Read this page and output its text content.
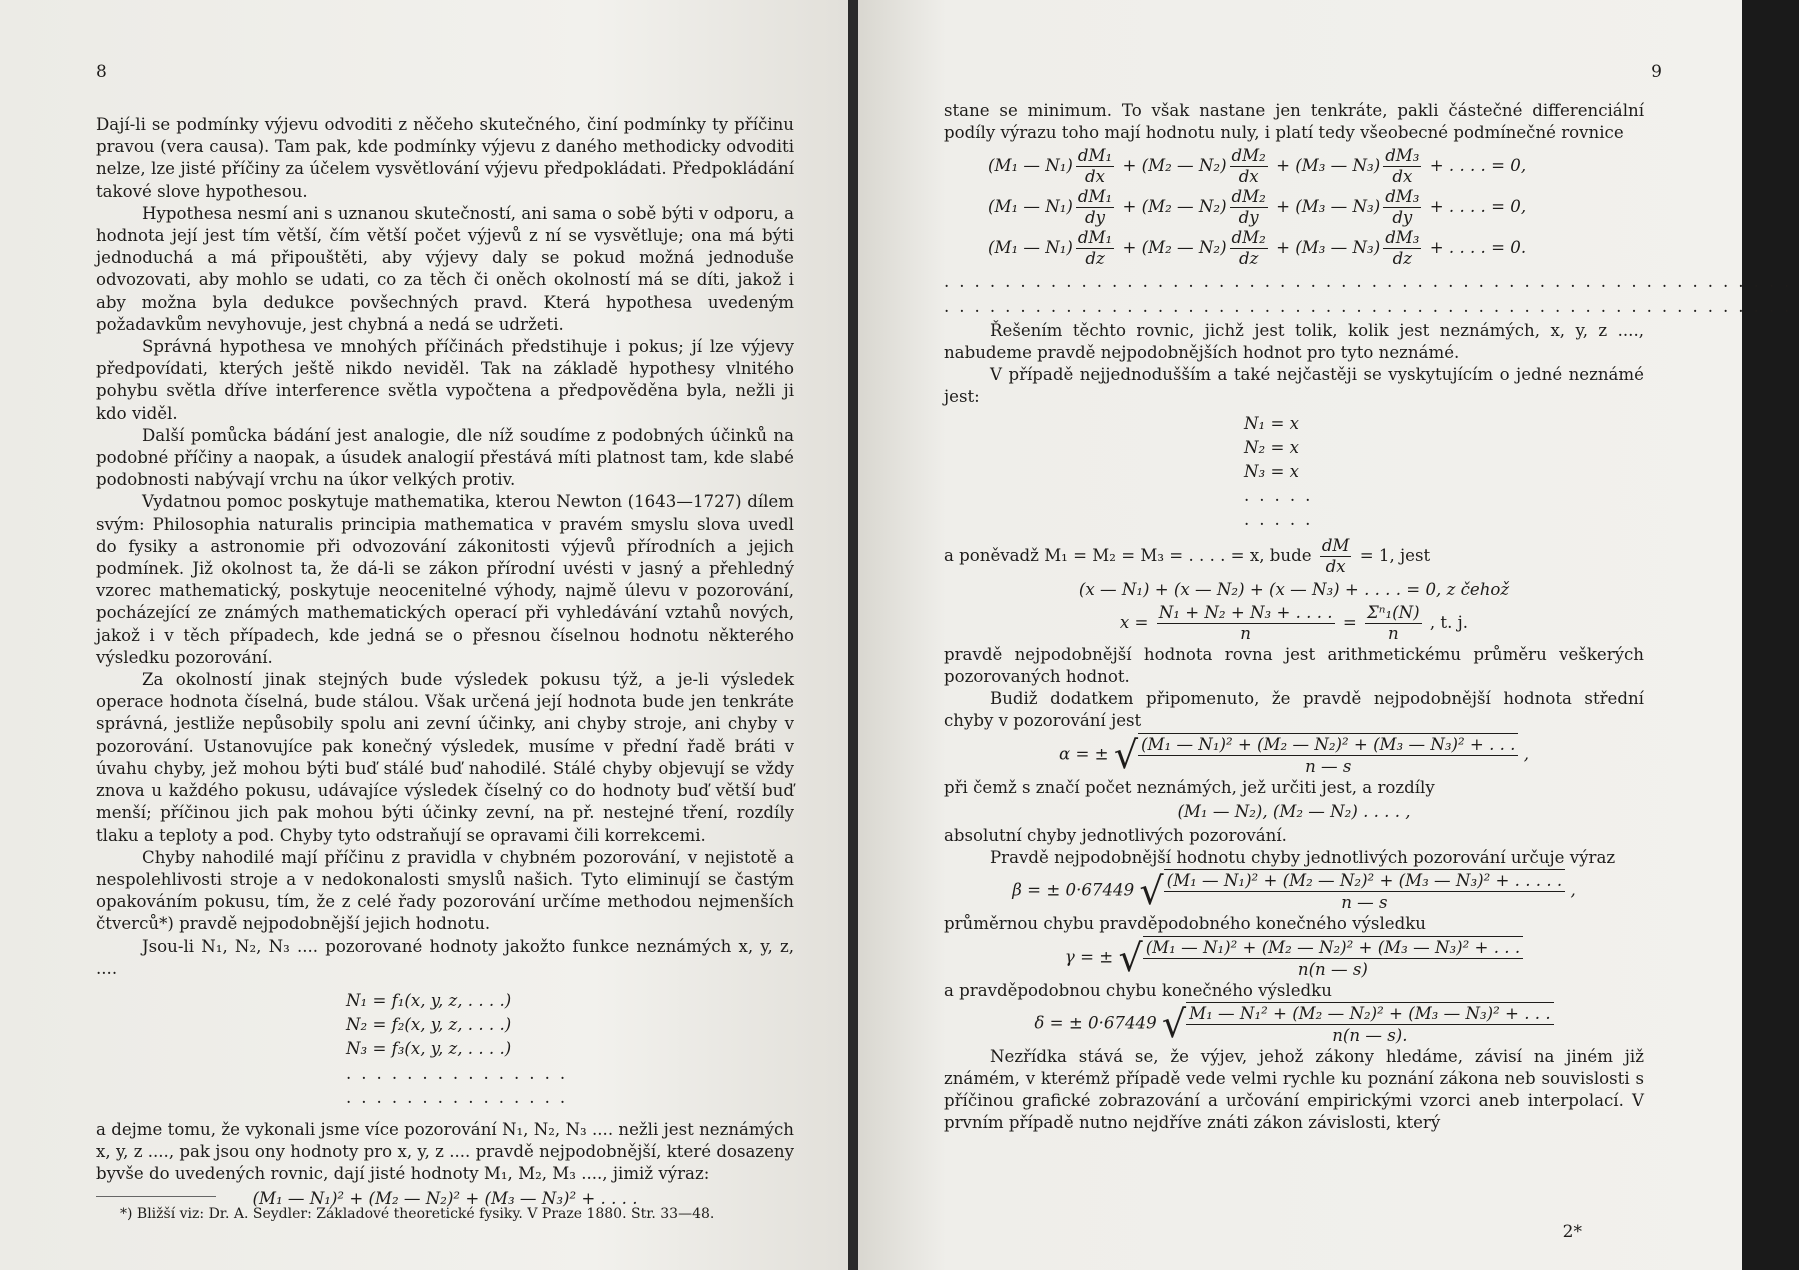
8

Dají-li se podmínky výjevu odvoditi z něčeho skutečného, činí podmínky ty příčinu pravou (vera causa). Tam pak, kde podmínky výjevu z daného methodicky odvoditi nelze, lze jisté příčiny za účelem vysvětlování výjevu předpokládati. Předpokládání takové slove hypothesou.

Hypothesa nesmí ani s uznanou skutečností, ani sama o sobě býti v odporu, a hodnota její jest tím větší, čím větší počet výjevů z ní se vysvětluje; ona má býti jednoduchá a má připouštěti, aby výjevy daly se pokud možná jednoduše odvozovati, aby mohlo se udati, co za těch či oněch okolností má se díti, jakož i aby možna byla dedukce povšechných pravd. Která hypothesa uvedeným požadavkům nevyhovuje, jest chybná a nedá se udržeti.

Správná hypothesa ve mnohých příčinách předstihuje i pokus; jí lze výjevy předpovídati, kterých ještě nikdo neviděl. Tak na základě hypothesy vlnitého pohybu světla dříve interference světla vypočtena a předpověděna byla, nežli ji kdo viděl.

Další pomůcka bádání jest analogie, dle níž soudíme z podobných účinků na podobné příčiny a naopak, a úsudek analogií přestává míti platnost tam, kde slabé podobnosti nabývají vrchu na úkor velkých protiv.

Vydatnou pomoc poskytuje mathematika, kterou Newton (1643—1727) dílem svým: Philosophia naturalis principia mathematica v pravém smyslu slova uvedl do fysiky a astronomie při odvozování zákonitosti výjevů přírodních a jejich podmínek. Již okolnost ta, že dá-li se zákon přírodní uvésti v jasný a přehledný vzorec mathematický, poskytuje neocenitelné výhody, najmě úlevu v pozorování, pocházející ze známých mathematických operací při vyhledávání vztahů nových, jakož i v těch případech, kde jedná se o přesnou číselnou hodnotu některého výsledku pozorování.

Za okolností jinak stejných bude výsledek pokusu týž, a je-li výsledek operace hodnota číselná, bude stálou. Však určená její hodnota bude jen tenkráte správná, jestliže nepůsobily spolu ani zevní účinky, ani chyby stroje, ani chyby v pozorování. Ustanovujíce pak konečný výsledek, musíme v přední řadě bráti v úvahu chyby, jež mohou býti buď stálé buď nahodilé. Stálé chyby objevují se vždy znova u každého pokusu, udávajíce výsledek číselný co do hodnoty buď větší buď menší; příčinou jich pak mohou býti účinky zevní, na př. nestejné tření, rozdíly tlaku a teploty a pod. Chyby tyto odstraňují se opravami čili korrekcemi.

Chyby nahodilé mají příčinu z pravidla v chybném pozorování, v nejistotě a nespolehlivosti stroje a v nedokonalosti smyslů našich. Tyto eliminují se častým opakováním pokusu, tím, že z celé řady pozorování určíme methodou nejmenších čtverců*) pravdě nejpodobnější jejich hodnotu.

Jsou-li N₁, N₂, N₃ .... pozorované hodnoty jakožto funkce neznámých x, y, z, ....

N₁ = f₁(x, y, z, . . . .)
N₂ = f₂(x, y, z, . . . .)
N₃ = f₃(x, y, z, . . . .)
...............
...............

a dejme tomu, že vykonali jsme více pozorování N₁, N₂, N₃ .... nežli jest neznámých x, y, z ...., pak jsou ony hodnoty pro x, y, z .... pravdě nejpodobnější, které dosazeny byvše do uvedených rovnic, dají jisté hodnoty M₁, M₂, M₃ ...., jimiž výraz:

(M₁ — N₁)² + (M₂ — N₂)² + (M₃ — N₃)² + . . . .
*) Bližší viz: Dr. A. Seydler: Základové theoretické fysiky. V Praze 1880. Str. 33—48.
9

stane se minimum. To však nastane jen tenkráte, pakli částečné differenciální podíly výrazu toho mají hodnotu nuly, i platí tedy všeobecné podmínečné rovnice

(M₁ — $N_1) \frac{\text{dM₁}}{dx} + (M_2$ — $N_2) \frac{\text{dM₂}}{dx} + (M_3$ — $N_3) \frac{\text{dM₃}}{dx}$ + . . . . = 0,
(M₁ — $N_1) \frac{\text{dM₁}}{dy} + (M_2$ — $N_2) \frac{\text{dM₂}}{dy} + (M_3$ — $N_3) \frac{\text{dM₃}}{dy}$ + . . . . = 0,
(M₁ — $N_1) \frac{\text{dM₁}}{dz} + (M_2$ — $N_2) \frac{\text{dM₂}}{dz} + (M_3$ — $N_3) \frac{\text{dM₃}}{dz}$ + . . . . = 0.
........................................................
........................................................

Řešením těchto rovnic, jichž jest tolik, kolik jest neznámých, x, y, z ...., nabudeme pravdě nejpodobnějších hodnot pro tyto neznámé.

V případě nejjednodušším a také nejčastěji se vyskytujícím o jedné neznámé jest:

N₁ = x
N₂ = x
N₃ = x
.....
.....
a poněvadž M₁ = M₂ = M₃ = . . . . = x, bude $\frac{dM}{dx} = 1$, jest
(x — N₁) + (x — N₂) + (x — N₃) + . . . . = 0, z čehož
$x = \frac{\text{N₁ + N₂ + N₃ + . . . .}}{n} = \frac{\text{Σⁿ₁(N)}}{n}$ , t. j.

pravdě nejpodobnější hodnota rovna jest arithmetickému průměru veškerých pozorovaných hodnot.

Budiž dodatkem připomenuto, že pravdě nejpodobnější hodnota střední chyby v pozorování jest

α = ± √ $\frac{\text{(M₁ — N₁)² + (M₂ — N₂)² + (M₃ — N₃)² + . . .}}{n — s}$ ,

při čemž s značí počet neznámých, jež určiti jest, a rozdíly

(M₁ — N₂), (M₂ — N₂) . . . . ,

absolutní chyby jednotlivých pozorování.

Pravdě nejpodobnější hodnotu chyby jednotlivých pozorování určuje výraz

β = ± 0·67449 √ $\frac{\text{(M₁ — N₁)² + (M₂ — N₂)² + (M₃ — N₃)² + . . . . .}}{n — s}$ ,

průměrnou chybu pravděpodobného konečného výsledku

γ = ± √ $\frac{\text{(M₁ — N₁)² + (M₂ — N₂)² + (M₃ — N₃)² + . . .}}{n(n — s)}$

a pravděpodobnou chybu konečného výsledku

δ = ± 0·67449 √ $\frac{\text{M₁ — N₁² + (M₂ — N₂)² + (M₃ — N₃)² + . . .}}{n(n — s).}$

Nezřídka stává se, že výjev, jehož zákony hledáme, závisí na jiném již známém, v kterémž případě vede velmi rychle ku poznání zákona neb souvislosti s příčinou grafické zobrazování a určování empirickými vzorci aneb interpolací. V prvním případě nutno nejdříve znáti zákon závislosti, který

2*
